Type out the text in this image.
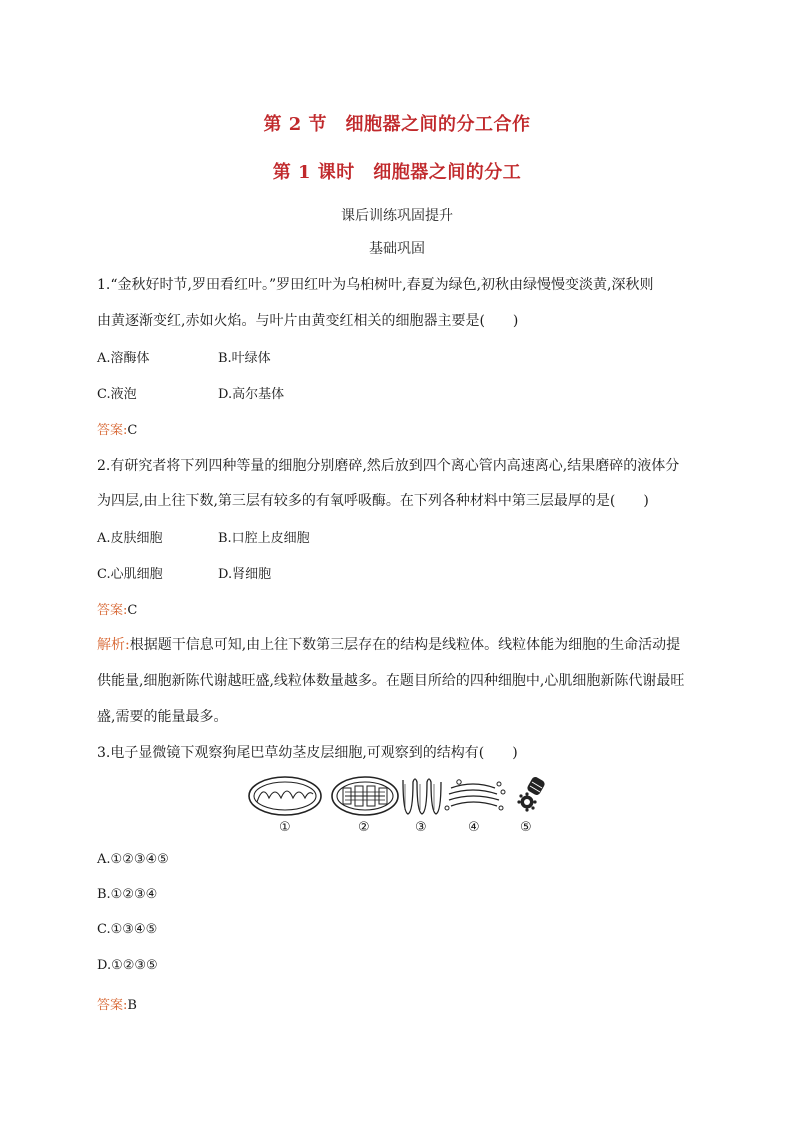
第 2 节　细胞器之间的分工合作
第 1 课时　细胞器之间的分工
课后训练巩固提升
基础巩固
1.“金秋好时节,罗田看红叶。”罗田红叶为乌桕树叶,春夏为绿色,初秋由绿慢慢变淡黄,深秋则
由黄逐渐变红,赤如火焰。与叶片由黄变红相关的细胞器主要是(　　)
A.溶酶体	B.叶绿体
C.液泡	D.高尔基体
答案:C
2.有研究者将下列四种等量的细胞分别磨碎,然后放到四个离心管内高速离心,结果磨碎的液体分
为四层,由上往下数,第三层有较多的有氧呼吸酶。在下列各种材料中第三层最厚的是(　　)
A.皮肤细胞	B.口腔上皮细胞
C.心肌细胞	D.肾细胞
答案:C
解析:根据题干信息可知,由上往下数第三层存在的结构是线粒体。线粒体能为细胞的生命活动提
供能量,细胞新陈代谢越旺盛,线粒体数量越多。在题目所给的四种细胞中,心肌细胞新陈代谢最旺
盛,需要的能量最多。
3.电子显微镜下观察狗尾巴草幼茎皮层细胞,可观察到的结构有(　　)
①	②	③	④	⑤
A.①②③④⑤
B.①②③④
C.①③④⑤
D.①②③⑤
答案:B
